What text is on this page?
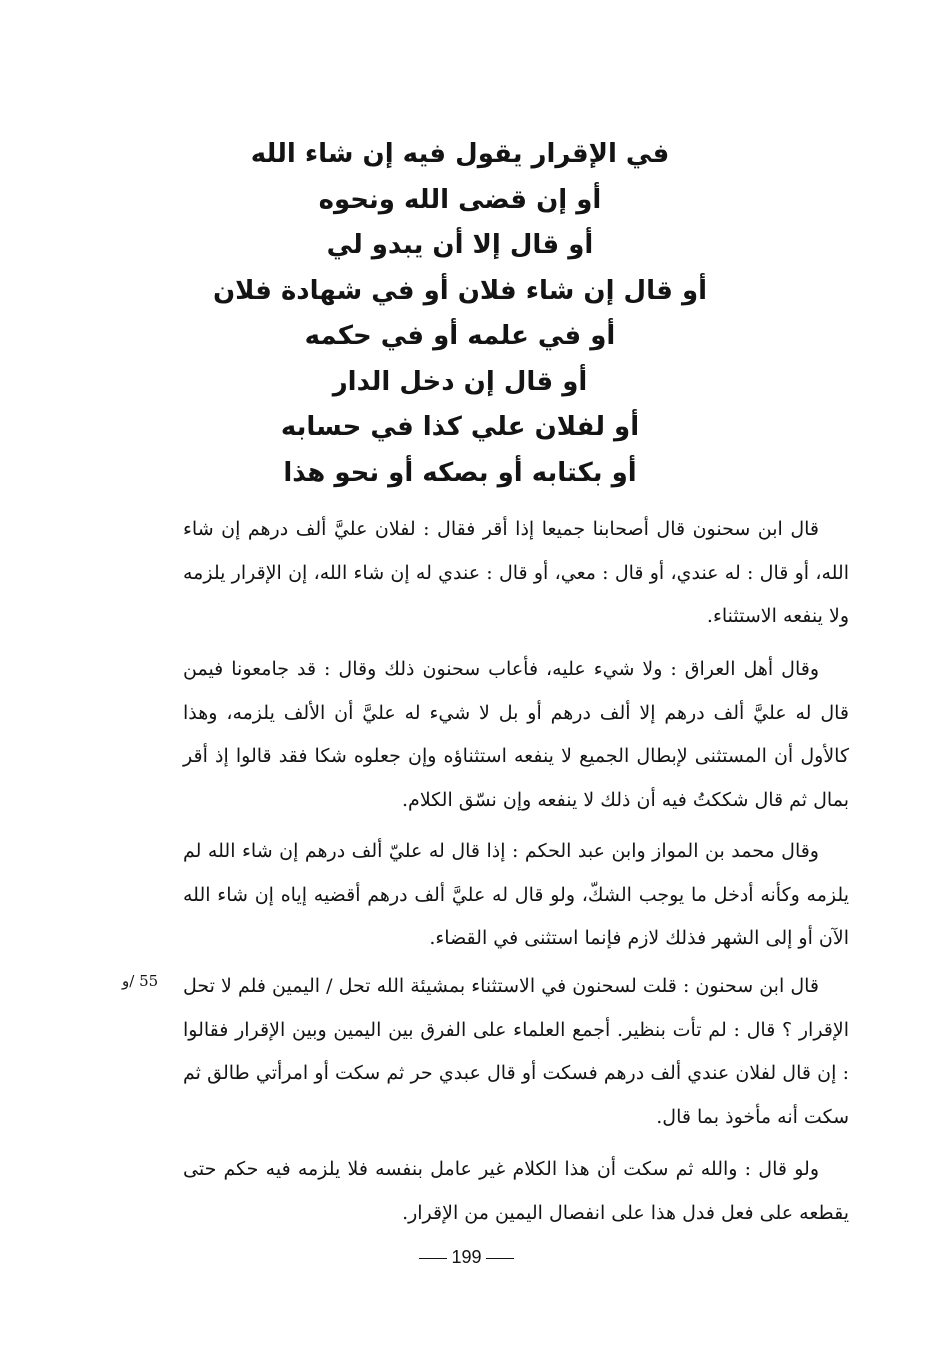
في الإقرار يقول فيه إن شاء الله
أو إن قضى الله ونحوه
أو قال إلا أن يبدو لي
أو قال إن شاء فلان أو في شهادة فلان
أو في علمه أو في حكمه
أو قال إن دخل الدار
أو لفلان علي كذا في حسابه
أو بكتابه أو بصكه أو نحو هذا

قال ابن سحنون قال أصحابنا جميعا إذا أقر فقال : لفلان عليَّ ألف درهم إن شاء الله، أو قال : له عندي، أو قال : معي، أو قال : عندي له إن شاء الله، إن الإقرار يلزمه ولا ينفعه الاستثناء.

وقال أهل العراق : ولا شيء عليه، فأعاب سحنون ذلك وقال : قد جامعونا فيمن قال له عليَّ ألف درهم إلا ألف درهم أو بل لا شيء له عليَّ أن الألف يلزمه، وهذا كالأول أن المستثنى لإبطال الجميع لا ينفعه استثناؤه وإن جعلوه شكا فقد قالوا إذ أقر بمال ثم قال شككتُ فيه أن ذلك لا ينفعه وإن نسّق الكلام.

وقال محمد بن المواز وابن عبد الحكم : إذا قال له عليّ ألف درهم إن شاء الله لم يلزمه وكأنه أدخل ما يوجب الشكّ، ولو قال له عليَّ ألف درهم أقضيه إياه إن شاء الله الآن أو إلى الشهر فذلك لازم فإنما استثنى في القضاء.

قال ابن سحنون : قلت لسحنون في الاستثناء بمشيئة الله تحل / اليمين فلم لا تحل الإقرار ؟ قال : لم تأت بنظير. أجمع العلماء على الفرق بين اليمين وبين الإقرار فقالوا : إن قال لفلان عندي ألف درهم فسكت أو قال عبدي حر ثم سكت أو امرأتي طالق ثم سكت أنه مأخوذ بما قال.

55 /و

ولو قال : والله ثم سكت أن هذا الكلام غير عامل بنفسه فلا يلزمه فيه حكم حتى يقطعه على فعل فدل هذا على انفصال اليمين من الإقرار.

199
